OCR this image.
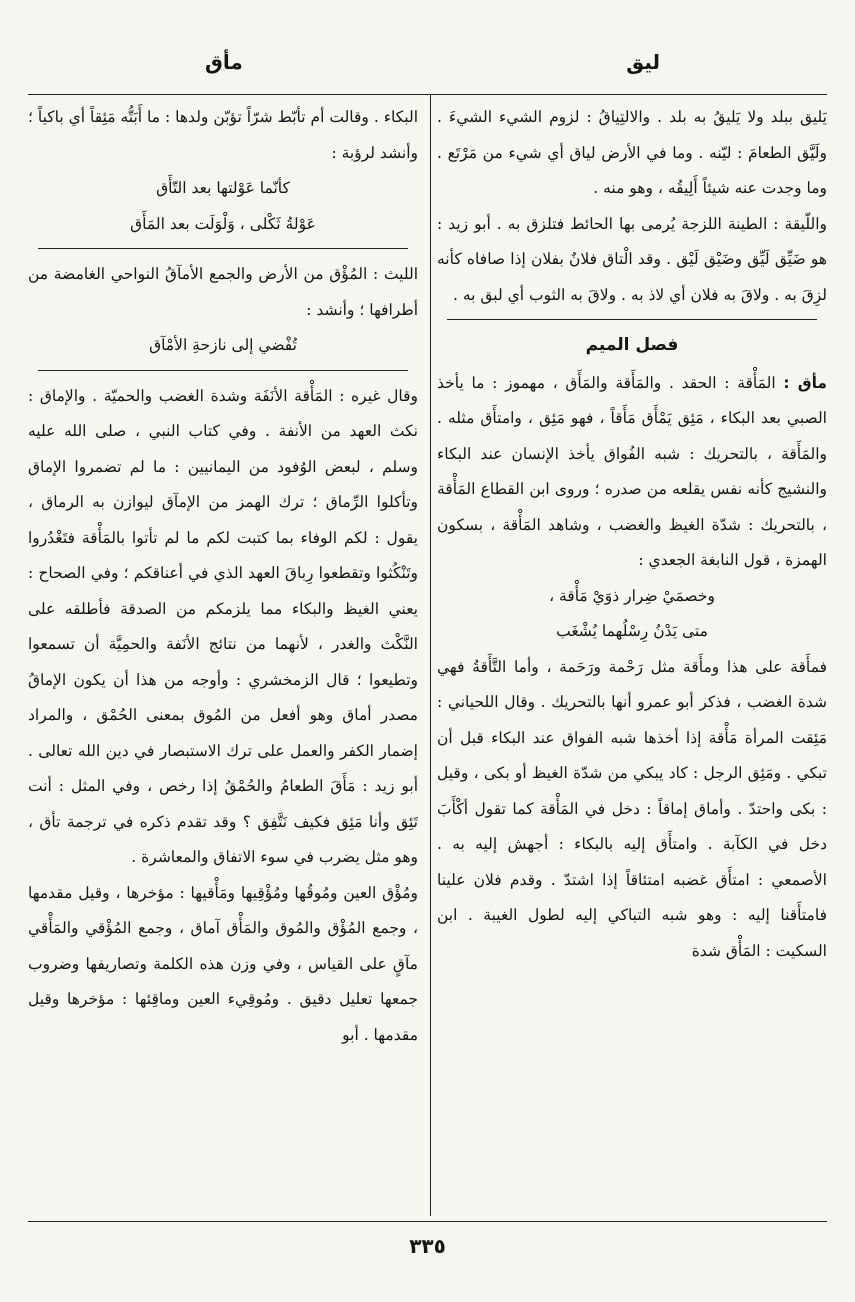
ليق
مأق

يَليق ببلد ولا يَليقُ به بلد . والالتِياقُ : لزوم الشيء الشيءَ . ولَيَّق الطعامَ : ليّنه . وما في الأرض لياق أي شيء من مَرْتَع . وما وجدت عنه شيئاً أَلِيقُه ، وهو منه .

واللّيقة : الطينة اللزجة يُرمى بها الحائط فتلزق به . أبو زيد : هو ضَيِّق لَيِّق وضَيْق لَيْق . وقد الْتاق فلانٌ بفلان إذا صافاه كأنه لزِقَ به . ولاقَ به فلان أي لاذ به . ولاقَ به الثوب أي لبق به .

فصل الميم

مأق : المَأْقة : الحقد . والمَأَقة والمَأَق ، مهموز : ما يأخذ الصبي بعد البكاء ، مَئِق يَمْأَق مَأَقاً ، فهو مَئِق ، وامتأَق مثله . والمَأَقة ، بالتحريك : شبه الفُواق يأخذ الإنسان عند البكاء والنشيج كأنه نفس يقلعه من صدره ؛ وروى ابن القطاع المَأْقة ، بالتحريك : شدّة الغيظ والغضب ، وشاهد المَأْقة ، بسكون الهمزة ، قول النابغة الجعدي :

وخصمَيْ ضِرار ذوَيْ مَأْقة ،
متى يَدْنُ رِسْلُهما يُشْغَب

فمأَقة على هذا ومأَقة مثل رَحْمة ورَحَمة ، وأما التَّأَقةُ فهي شدة الغضب ، فذكر أبو عمرو أنها بالتحريك . وقال اللحياني : مَئِقت المرأة مَأْقة إذا أخذها شبه الفواق عند البكاء قبل أن تبكي . ومَئِق الرجل : كاد يبكي من شدّة الغيظ أو بكى ، وقيل : بكى واحتدّ . وأماق إماقاً : دخل في المَأْقة كما تقول أكْأَبَ دخل في الكآبة . وامتأَق إليه بالبكاء : أجهش إليه به . الأصمعي : امتأَق غضبه امتئاقاً إذا اشتدّ . وقدم فلان علينا فامتأَقنا إليه : وهو شبه التباكي إليه لطول الغيبة . ابن السكيت : المَأْق شدة

البكاء . وقالت أم تأبّط شرّاً تؤبّن ولدها : ما أَبَتُّه مَئِقاً أي باكياً ؛ وأنشد لرؤبة :

كأنّما عَوْلتها بعد التّأَق
عَوْلةُ ثَكْلى ، وَلْوَلَت بعد المَأَق

الليث : المُؤْق من الأرض والجمع الأمآقُ النواحي الغامضة من أطرافها ؛ وأنشد :

تُفْضي إلى نازحةِ الأمْآق

وقال غيره : المَأْقة الأنَفَة وشدة الغضب والحميّة . والإماق : نكث العهد من الأنفة . وفي كتاب النبي ، صلى الله عليه وسلم ، لبعض الوُفود من اليمانيين : ما لم تضمروا الإماق وتأكلوا الرِّماق ؛ ترك الهمز من الإمآق ليوازن به الرماق ، يقول : لكم الوفاء بما كتبت لكم ما لم تأتوا بالمَأْقة فتَغْدُروا وتَنْكُثوا وتقطعوا رِباقَ العهد الذي في أعناقكم ؛ وفي الصحاح : يعني الغيظ والبكاء مما يلزمكم من الصدقة فأطلقه على النَّكْث والغدر ، لأنهما من نتائج الأنَفة والحمِيَّة أن تسمعوا وتطيعوا ؛ قال الزمخشري : وأوجه من هذا أن يكون الإماقُ مصدر أماق وهو أفعل من المُوق بمعنى الحُمْق ، والمراد إضمار الكفر والعمل على ترك الاستبصار في دين الله تعالى . أبو زيد : مَأَقَ الطعامُ والحُمْقُ إذا رخص ، وفي المثل : أنت تَئِق وأنا مَئِق فكيف نَتَّفِق ؟ وقد تقدم ذكره في ترجمة تأق ، وهو مثل يضرب في سوء الاتفاق والمعاشرة .

ومُؤْق العين ومُوقُها ومُؤْقِيها ومَأْقيها : مؤخرها ، وقيل مقدمها ، وجمع المُؤْق والمُوق والمَأْق آماق ، وجمع المُؤْقي والمَأْقي مآقٍ على القياس ، وفي وزن هذه الكلمة وتصاريفها وضروب جمعها تعليل دقيق . ومُوقِيء العين وماقِئها : مؤخرها وقيل مقدمها . أبو

٣٣٥
